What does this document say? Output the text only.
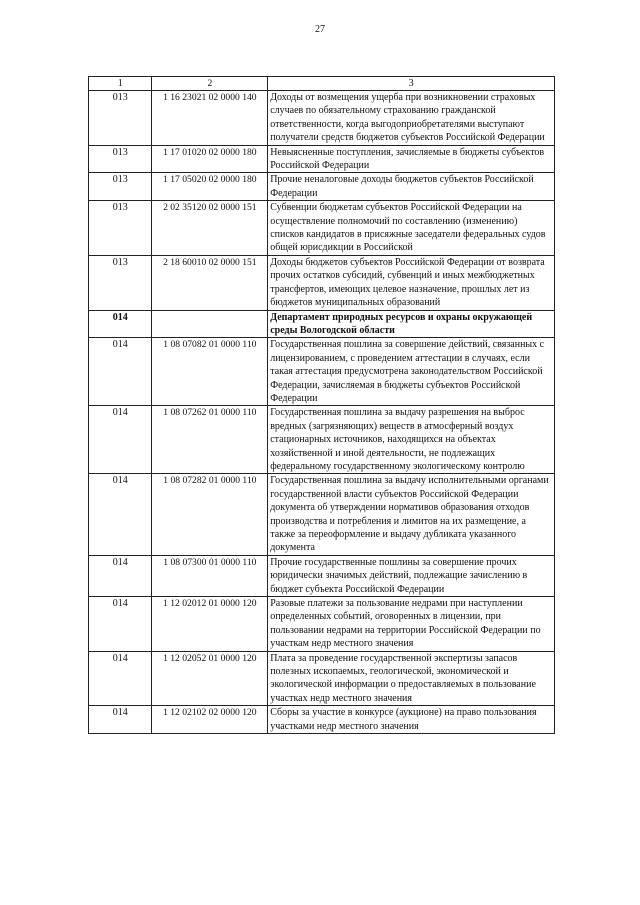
27
1	2	3
013	1 16 23021 02 0000 140	Доходы от возмещения ущерба при возникновении страховых случаев по обязательному страхованию гражданской ответственности, когда выгодоприобретателями выступают получатели средств бюджетов субъектов Российской Федерации
013	1 17 01020 02 0000 180	Невыясненные поступления, зачисляемые в бюджеты субъектов Российской Федерации
013	1 17 05020 02 0000 180	Прочие неналоговые доходы бюджетов субъектов Российской Федерации
013	2 02 35120 02 0000 151	Субвенции бюджетам субъектов Российской Федерации на осуществление полномочий по составлению (изменению) списков кандидатов в присяжные заседатели федеральных судов общей юрисдикции в Российской
013	2 18 60010 02 0000 151	Доходы бюджетов субъектов Российской Федерации от возврата прочих остатков субсидий, субвенций и иных межбюджетных трансфертов, имеющих целевое назначение, прошлых лет из бюджетов муниципальных образований
014		Департамент природных ресурсов и охраны окружающей среды Вологодской области
014	1 08 07082 01 0000 110	Государственная пошлина за совершение действий, связанных с лицензированием, с проведением аттестации в случаях, если такая аттестация предусмотрена законодательством Российской Федерации, зачисляемая в бюджеты субъектов Российской Федерации
014	1 08 07262 01 0000 110	Государственная пошлина за выдачу разрешения на выброс вредных (загрязняющих) веществ в атмосферный воздух стационарных источников, находящихся на объектах хозяйственной и иной деятельности, не подлежащих федеральному государственному экологическому контролю
014	1 08 07282 01 0000 110	Государственная пошлина за выдачу исполнительными органами государственной власти субъектов Российской Федерации документа об утверждении нормативов образования отходов производства и потребления и лимитов на их размещение, а также за переоформление и выдачу дубликата указанного документа
014	1 08 07300 01 0000 110	Прочие государственные пошлины за совершение прочих юридически значимых действий, подлежащие зачислению в бюджет субъекта Российской Федерации
014	1 12 02012 01 0000 120	Разовые платежи за пользование недрами при наступлении определенных событий, оговоренных в лицензии, при пользовании недрами на территории Российской Федерации по участкам недр местного значения
014	1 12 02052 01 0000 120	Плата за проведение государственной экспертизы запасов полезных ископаемых, геологической, экономической и экологической информации о предоставляемых в пользование участках недр местного значения
014	1 12 02102 02 0000 120	Сборы за участие в конкурсе (аукционе) на право пользования участками недр местного значения
